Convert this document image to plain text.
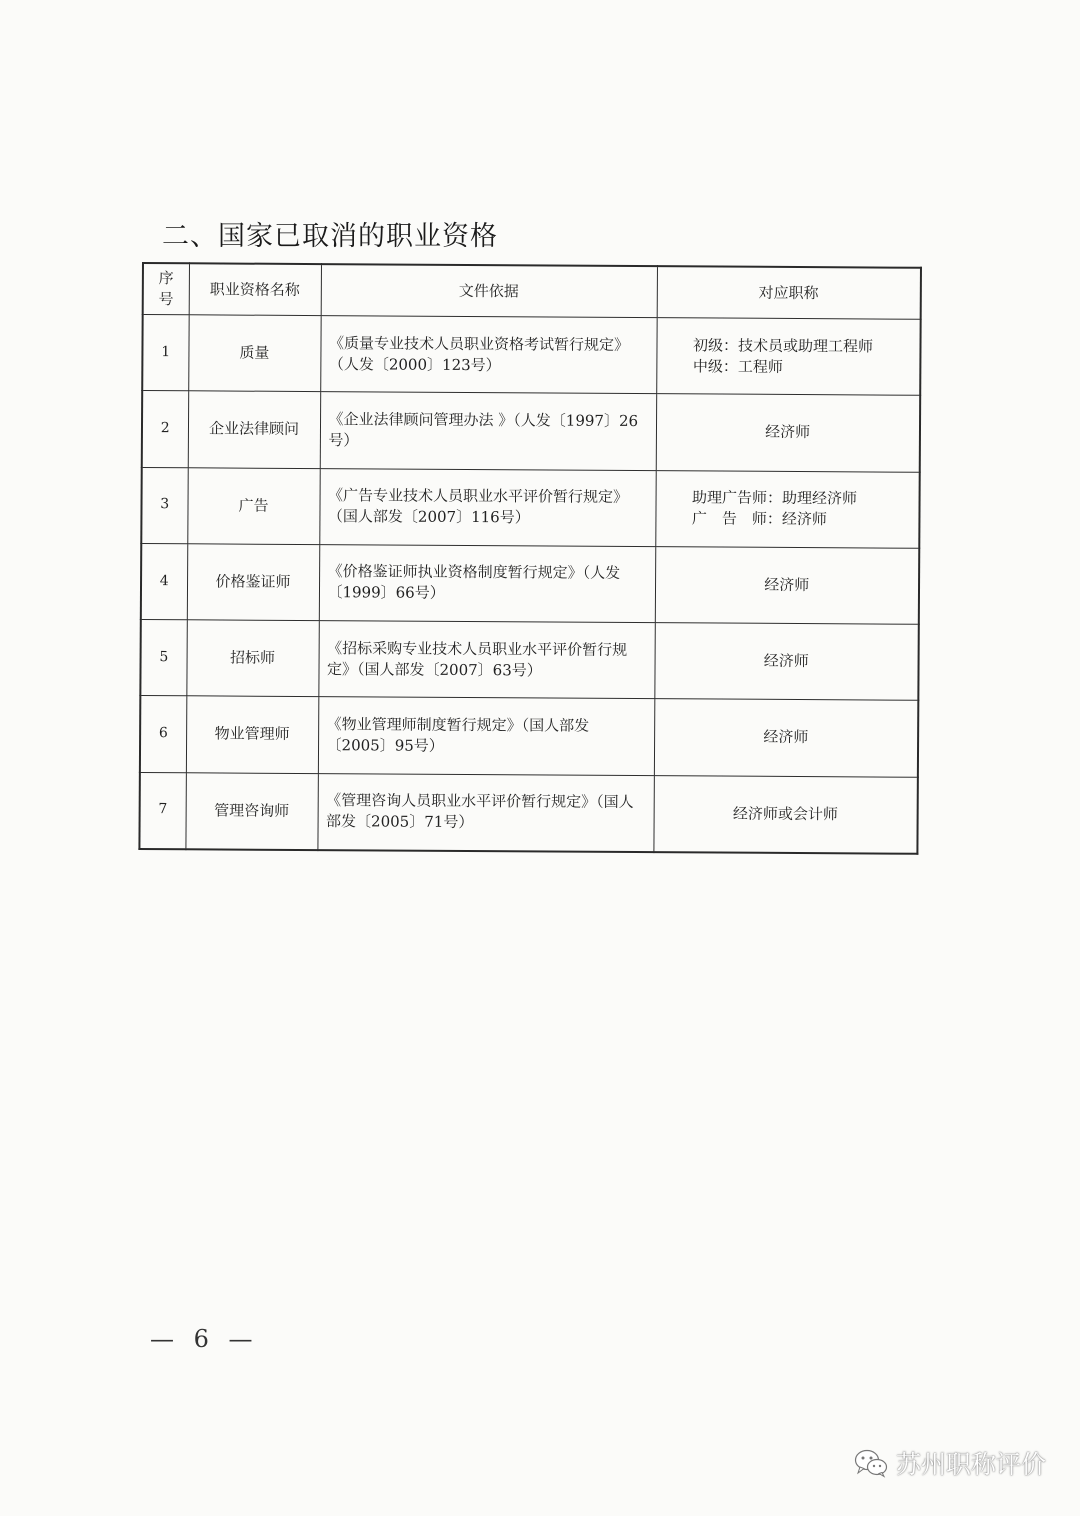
二、国家已取消的职业资格
序号	职业资格名称	文件依据	对应职称
1	质量	《质量专业技术人员职业资格考试暂行规定》（人发〔2000〕123号）	初级：技术员或助理工程师
中级：工程师

2	企业法律顾问	《企业法律顾问管理办法 》（人发〔1997〕26号）	经济师

3	广告	《广告专业技术人员职业水平评价暂行规定》（国人部发〔2007〕116号）	助理广告师：助理经济师
广　告　师：经济师

4	价格鉴证师	《价格鉴证师执业资格制度暂行规定》（人发〔1999〕66号）	经济师

5	招标师	《招标采购专业技术人员职业水平评价暂行规定》（国人部发〔2007〕63号）	经济师

6	物业管理师	《物业管理师制度暂行规定》（国人部发〔2005〕95号）	经济师

7	管理咨询师	《管理咨询人员职业水平评价暂行规定》（国人部发〔2005〕71号）	经济师或会计师
— 6 —
苏州职称评价
